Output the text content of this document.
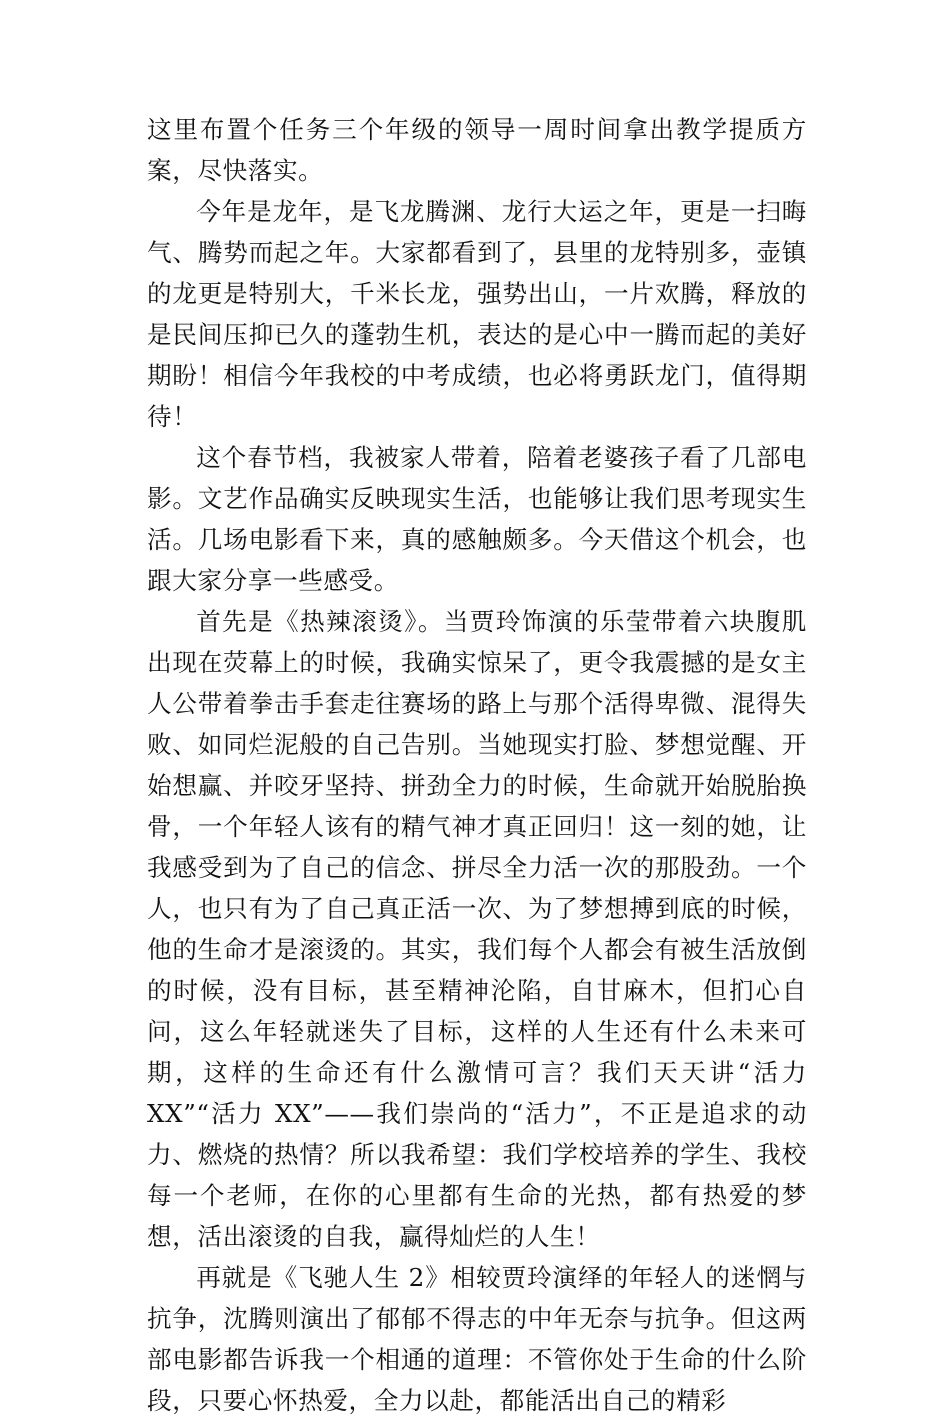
这里布置个任务三个年级的领导一周时间拿出教学提质方案，尽快落实。

今年是龙年，是飞龙腾渊、龙行大运之年，更是一扫晦气、腾势而起之年。大家都看到了，县里的龙特别多，壶镇的龙更是特别大，千米长龙，强势出山，一片欢腾，释放的是民间压抑已久的蓬勃生机，表达的是心中一腾而起的美好期盼！相信今年我校的中考成绩，也必将勇跃龙门，值得期待！

这个春节档，我被家人带着，陪着老婆孩子看了几部电影。文艺作品确实反映现实生活，也能够让我们思考现实生活。几场电影看下来，真的感触颇多。今天借这个机会，也跟大家分享一些感受。

首先是《热辣滚烫》。当贾玲饰演的乐莹带着六块腹肌出现在荧幕上的时候，我确实惊呆了，更令我震撼的是女主人公带着拳击手套走往赛场的路上与那个活得卑微、混得失败、如同烂泥般的自己告别。当她现实打脸、梦想觉醒、开始想赢、并咬牙坚持、拼劲全力的时候，生命就开始脱胎换骨，一个年轻人该有的精气神才真正回归！这一刻的她，让我感受到为了自己的信念、拼尽全力活一次的那股劲。一个人，也只有为了自己真正活一次、为了梦想搏到底的时候，他的生命才是滚烫的。其实，我们每个人都会有被生活放倒的时候，没有目标，甚至精神沦陷，自甘麻木，但扪心自问，这么年轻就迷失了目标，这样的人生还有什么未来可期，这样的生命还有什么激情可言？我们天天讲“活力 XX”“活力 XX”——我们崇尚的“活力”，不正是追求的动力、燃烧的热情？所以我希望：我们学校培养的学生、我校每一个老师，在你的心里都有生命的光热，都有热爱的梦想，活出滚烫的自我，赢得灿烂的人生！

再就是《飞驰人生 2》相较贾玲演绎的年轻人的迷惘与抗争，沈腾则演出了郁郁不得志的中年无奈与抗争。但这两部电影都告诉我一个相通的道理：不管你处于生命的什么阶段，只要心怀热爱，全力以赴，都能活出自己的精彩
